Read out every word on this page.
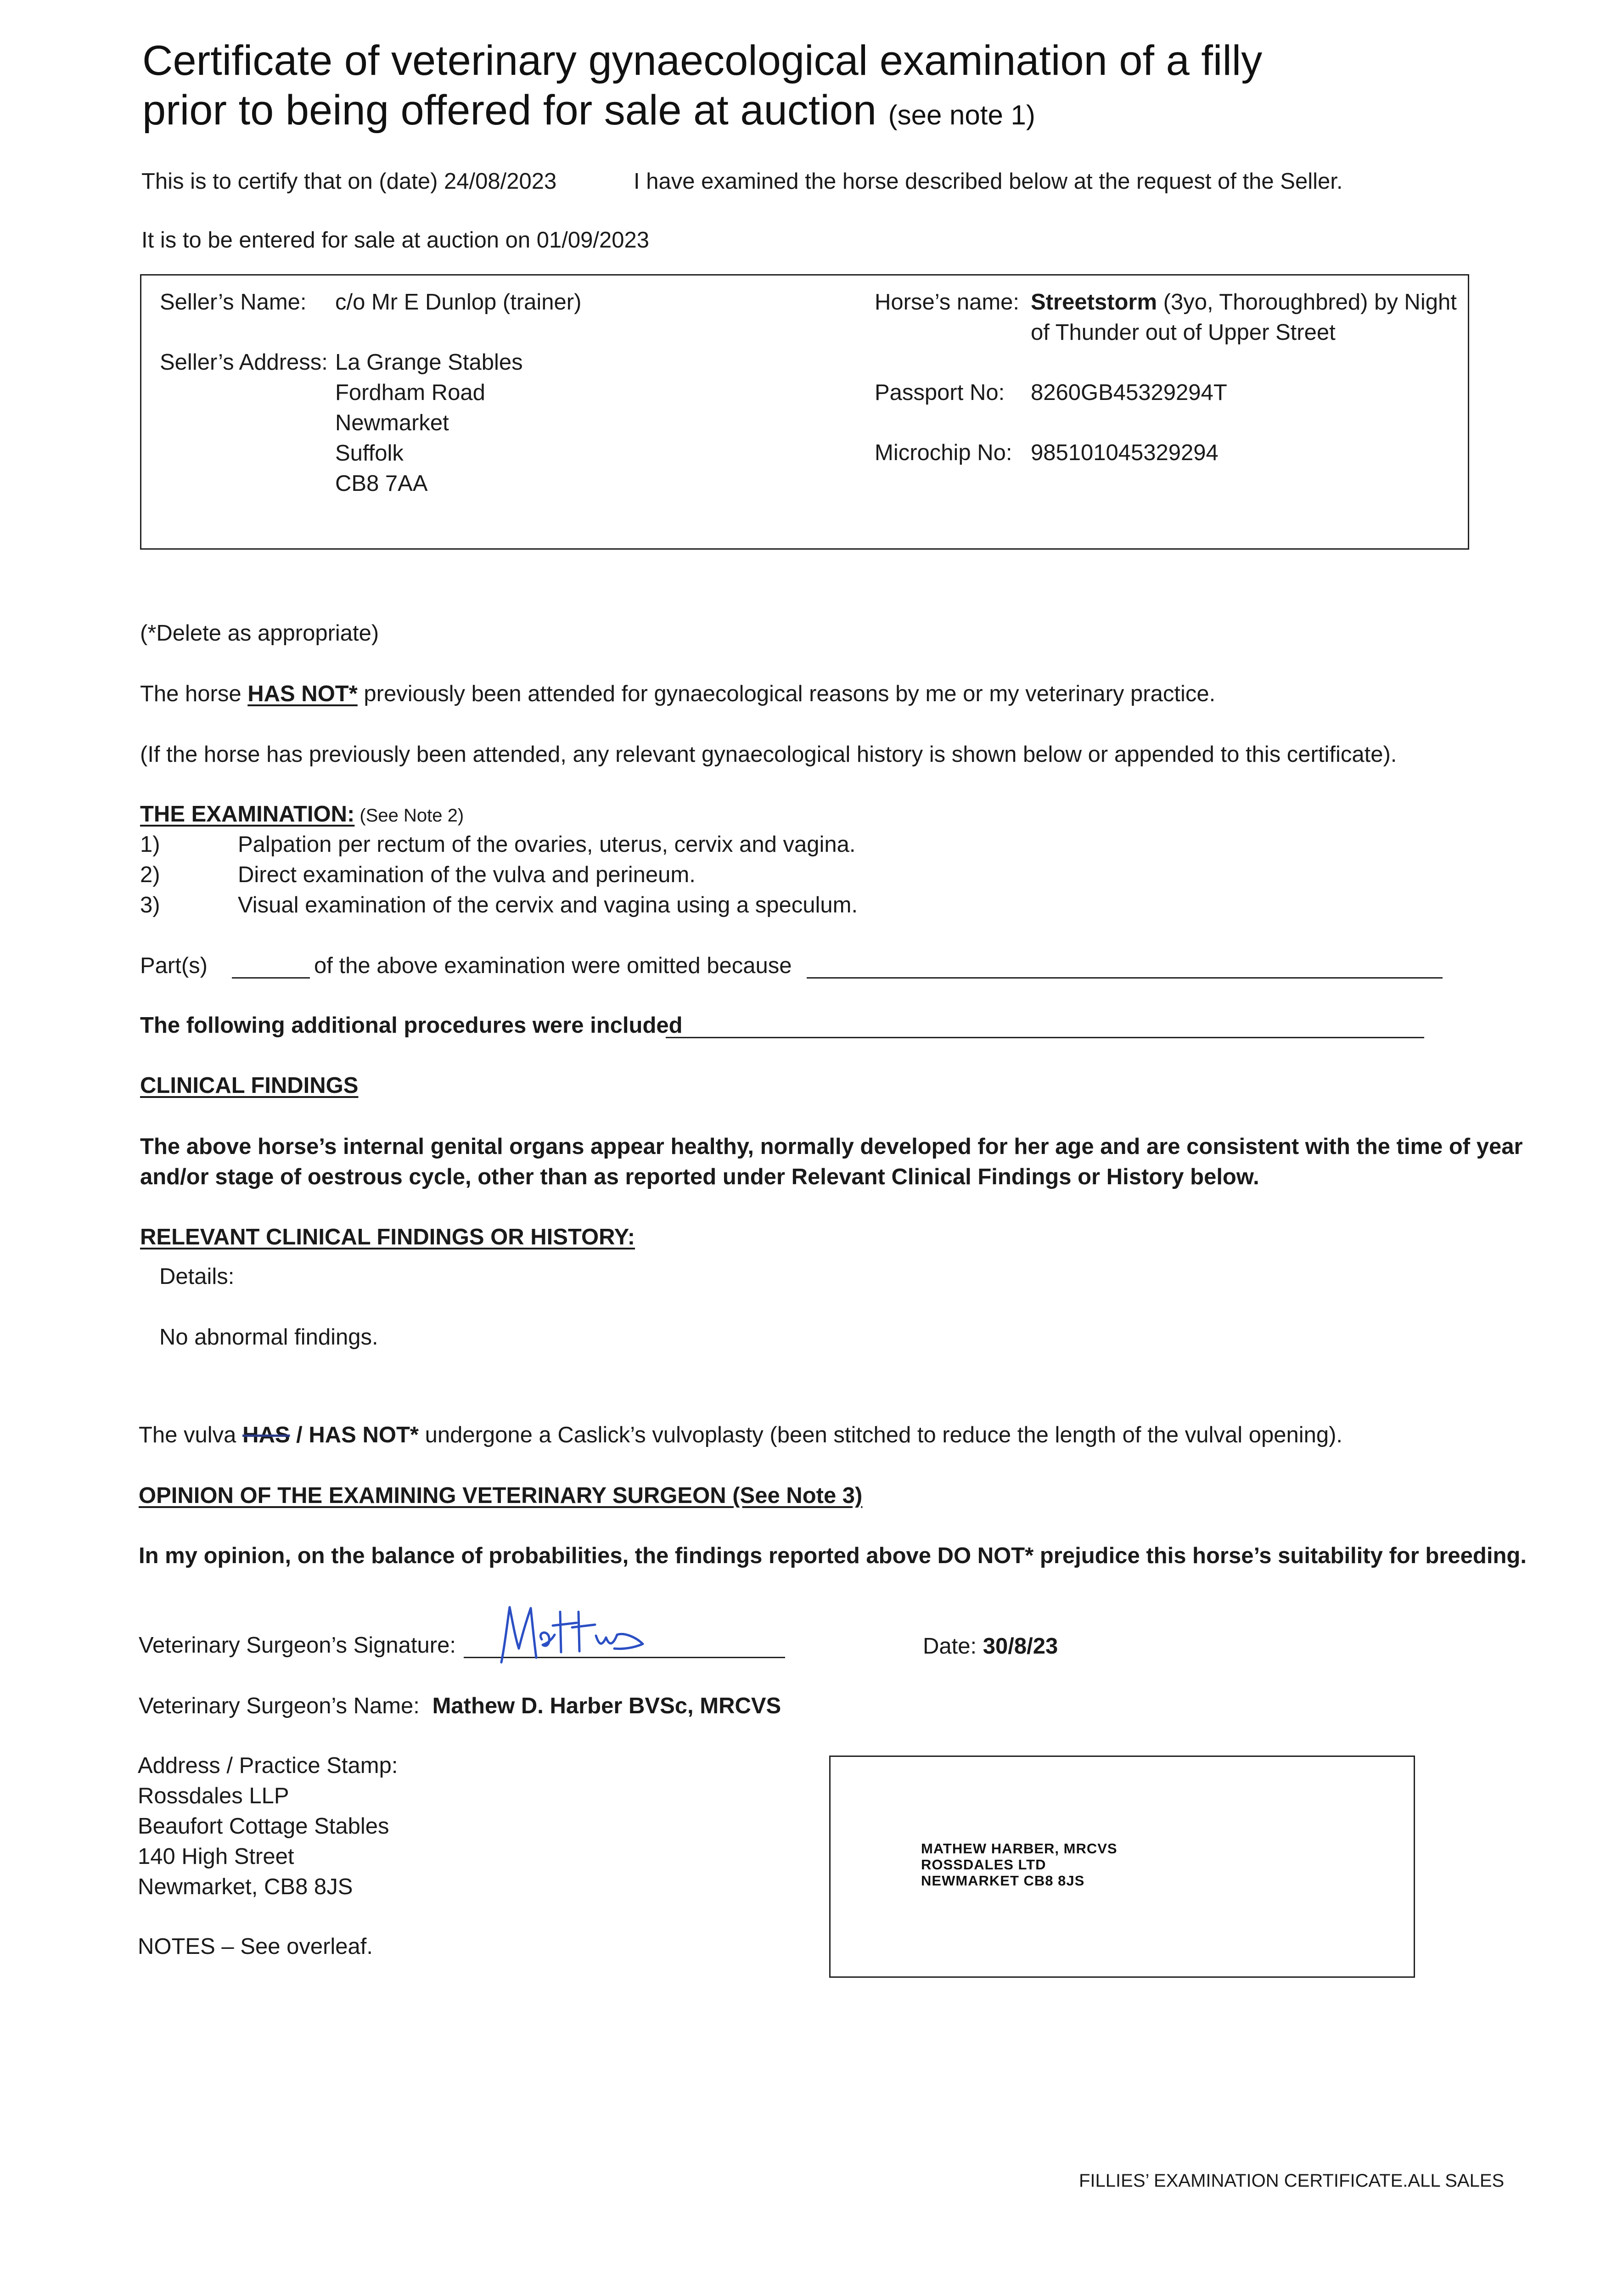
Certificate of veterinary gynaecological examination of a filly
prior to being offered for sale at auction (see note 1)
This is to certify that on (date) 24/08/2023	I have examined the horse described below at the request of the Seller.
It is to be entered for sale at auction on 01/09/2023
Seller’s Name: c/o Mr E Dunlop (trainer)
Seller’s Address: La Grange Stables
Fordham Road
Newmarket
Suffolk
CB8 7AA
Horse’s name: Streetstorm (3yo, Thoroughbred) by Night
of Thunder out of Upper Street
Passport No: 8260GB45329294T
Microchip No: 985101045329294
(*Delete as appropriate)
The horse HAS NOT* previously been attended for gynaecological reasons by me or my veterinary practice.
(If the horse has previously been attended, any relevant gynaecological history is shown below or appended to this certificate).
THE EXAMINATION: (See Note 2)
1)	Palpation per rectum of the ovaries, uterus, cervix and vagina.
2)	Direct examination of the vulva and perineum.
3)	Visual examination of the cervix and vagina using a speculum.
Part(s)	of the above examination were omitted because
The following additional procedures were included
CLINICAL FINDINGS
The above horse’s internal genital organs appear healthy, normally developed for her age and are consistent with the time of year
and/or stage of oestrous cycle, other than as reported under Relevant Clinical Findings or History below.
RELEVANT CLINICAL FINDINGS OR HISTORY:
Details:
No abnormal findings.
The vulva HAS / HAS NOT* undergone a Caslick’s vulvoplasty (been stitched to reduce the length of the vulval opening).
OPINION OF THE EXAMINING VETERINARY SURGEON (See Note 3)
In my opinion, on the balance of probabilities, the findings reported above DO NOT* prejudice this horse’s suitability for breeding.
Veterinary Surgeon’s Signature:	Date: 30/8/23
Veterinary Surgeon’s Name: Mathew D. Harber BVSc, MRCVS
Address / Practice Stamp:
Rossdales LLP
Beaufort Cottage Stables
140 High Street
Newmarket, CB8 8JS
MATHEW HARBER, MRCVS
ROSSDALES LTD
NEWMARKET CB8 8JS
NOTES – See overleaf.
FILLIES’ EXAMINATION CERTIFICATE.ALL SALES
